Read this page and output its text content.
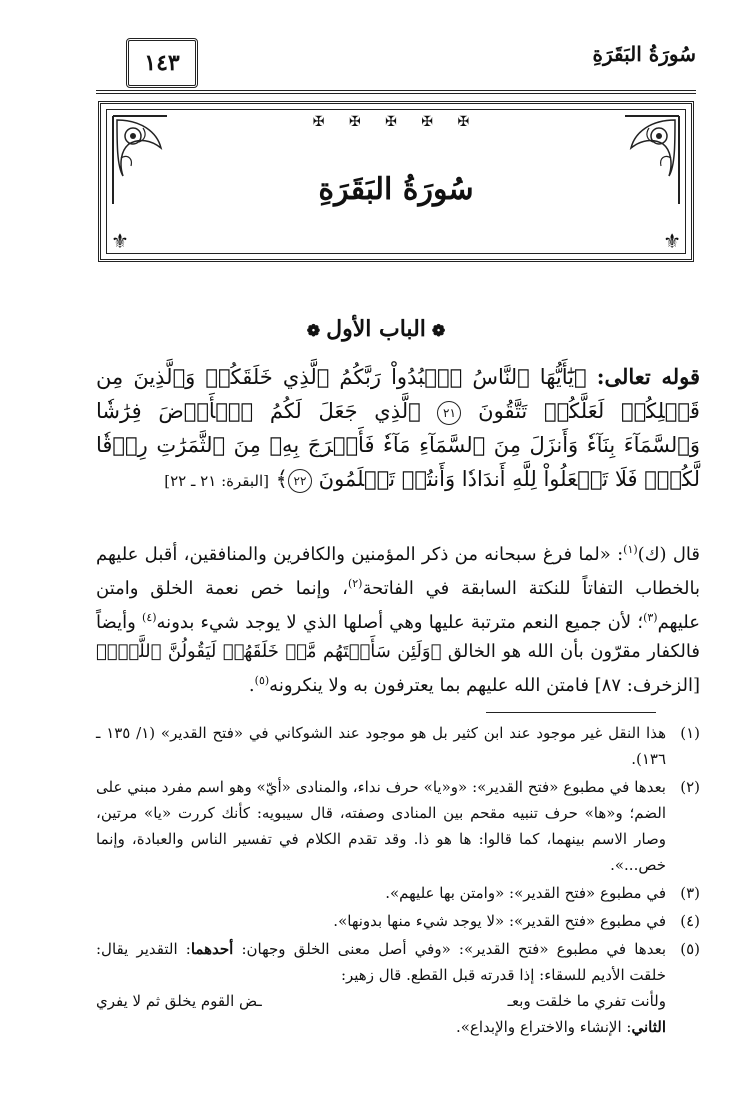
سُورَةُ البَقَرَةِ
١٤٣
✠ ✠ ✠ ✠ ✠
سُورَةُ البَقَرَةِ
⚜	⚜
❁الباب الأول❁
قوله تعالى: ﴿يَٰٓأَيُّهَا ٱلنَّاسُ ٱعۡبُدُواْ رَبَّكُمُ ٱلَّذِي خَلَقَكُمۡ وَٱلَّذِينَ مِن قَبۡلِكُمۡ لَعَلَّكُمۡ تَتَّقُونَ ٢١ ٱلَّذِي جَعَلَ لَكُمُ ٱلۡأَرۡضَ فِرَٰشٗا وَٱلسَّمَآءَ بِنَآءٗ وَأَنزَلَ مِنَ ٱلسَّمَآءِ مَآءٗ فَأَخۡرَجَ بِهِۦ مِنَ ٱلثَّمَرَٰتِ رِزۡقٗا لَّكُمۡۖ فَلَا تَجۡعَلُواْ لِلَّهِ أَندَادٗا وَأَنتُمۡ تَعۡلَمُونَ ٢٢﴾ [البقرة: ٢١ ـ ٢٢]
قال (ك)$^{(١)}$: «لما فرغ سبحانه من ذكر المؤمنين والكافرين والمنافقين، أقبل عليهم بالخطاب التفاتاً للنكتة السابقة في الفاتحة$^{(٢)}$، وإنما خص نعمة الخلق وامتن عليهم$^{(٣)}$؛ لأن جميع النعم مترتبة عليها وهي أصلها الذي لا يوجد شيء بدونه$^{(٤)}$ وأيضاً فالكفار مقرّون بأن الله هو الخالق ﴿وَلَئِن سَأَلۡتَهُم مَّنۡ خَلَقَهُمۡ لَيَقُولُنَّ ٱللَّهُۖ﴾ [الزخرف: ٨٧] فامتن الله عليهم بما يعترفون به ولا ينكرونه$^{(٥)}$.
(١)
هذا النقل غير موجود عند ابن كثير بل هو موجود عند الشوكاني في «فتح القدير» (١/ ١٣٥ ـ ١٣٦).
(٢)
بعدها في مطبوع «فتح القدير»: «و«يا» حرف نداء، والمنادى «أيّ» وهو اسم مفرد مبني على الضم؛ و«ها» حرف تنبيه مقحم بين المنادى وصفته، قال سيبويه: كأنك كررت «يا» مرتين، وصار الاسم بينهما، كما قالوا: ها هو ذا. وقد تقدم الكلام في تفسير الناس والعبادة، وإنما خص...».
(٣)
في مطبوع «فتح القدير»: «وامتن بها عليهم».
(٤)
في مطبوع «فتح القدير»: «لا يوجد شيء منها بدونها».
(٥)
بعدها في مطبوع «فتح القدير»: «وفي أصل معنى الخلق وجهان: أحدهما: التقدير يقال: خلقت الأديم للسقاء: إذا قدرته قبل القطع. قال زهير:
ولأنت تفري ما خلقت وبعـ
ـض القوم يخلق ثم لا يفري
الثاني: الإنشاء والاختراع والإبداع».
